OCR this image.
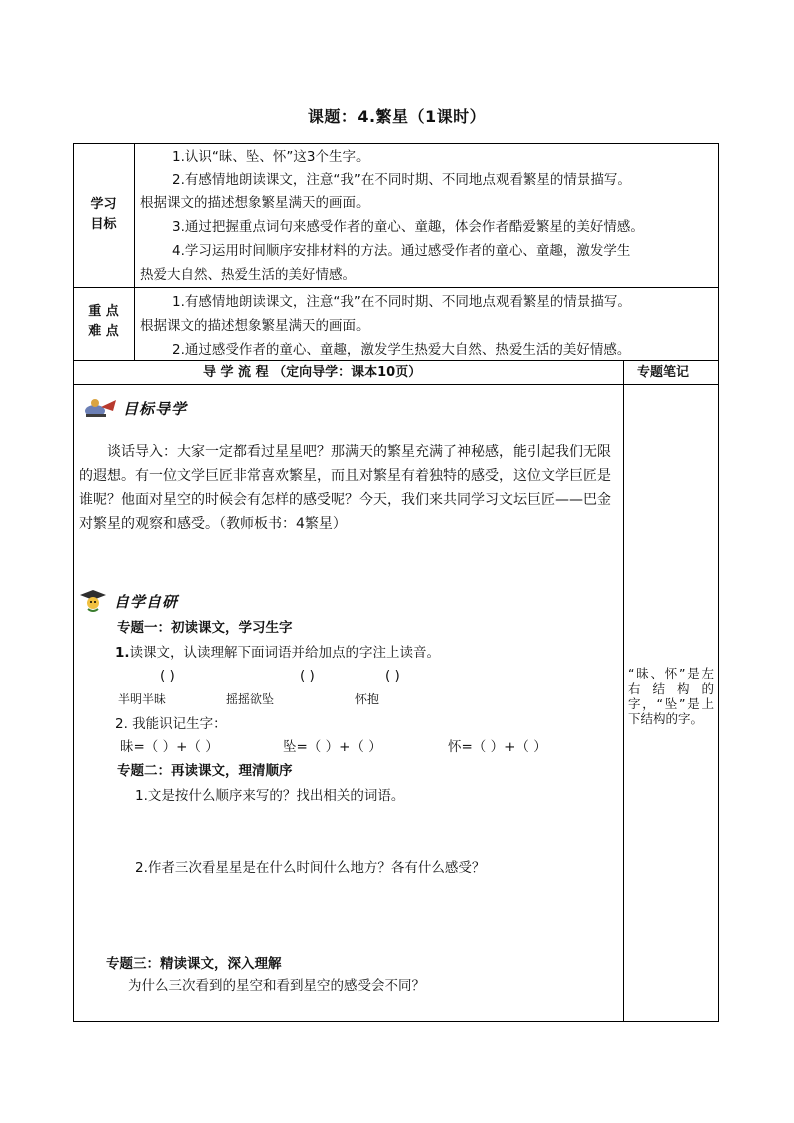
课题：4.繁星（1课时）
学习
目标
1.认识“昧、坠、怀”这3个生字。
2.有感情地朗读课文，注意“我”在不同时期、不同地点观看繁星的情景描写。
根据课文的描述想象繁星满天的画面。
3.通过把握重点词句来感受作者的童心、童趣，体会作者酷爱繁星的美好情感。
4.学习运用时间顺序安排材料的方法。通过感受作者的童心、童趣，激发学生
热爱大自然、热爱生活的美好情感。
重 点
难 点
1.有感情地朗读课文，注意“我”在不同时期、不同地点观看繁星的情景描写。
根据课文的描述想象繁星满天的画面。
2.通过感受作者的童心、童趣，激发学生热爱大自然、热爱生活的美好情感。
导 学 流 程 （定向导学：课本10页）	专题笔记
目标导学
谈话导入：大家一定都看过星星吧？那满天的繁星充满了神秘感，能引起我们无限的遐想。有一位文学巨匠非常喜欢繁星，而且对繁星有着独特的感受，这位文学巨匠是谁呢？他面对星空的时候会有怎样的感受呢？今天，我们来共同学习文坛巨匠——巴金对繁星的观察和感受。（教师板书：4繁星）
自学自研
专题一：初读课文，学习生字
1.读课文，认读理解下面词语并给加点的字注上读音。
( )	( )	( )
半明半昧	摇摇欲坠	怀抱
2. 我能识记生字：
昧=（ ）+（ ）	坠=（ ）+（ ）	怀=（ ）+（ ）
专题二：再读课文，理清顺序
1.文是按什么顺序来写的？找出相关的词语。
2.作者三次看星星是在什么时间什么地方？各有什么感受？
专题三：精读课文，深入理解
为什么三次看到的星空和看到星空的感受会不同？
“昧、怀”是左右结构的字，“坠”是上下结构的字。
